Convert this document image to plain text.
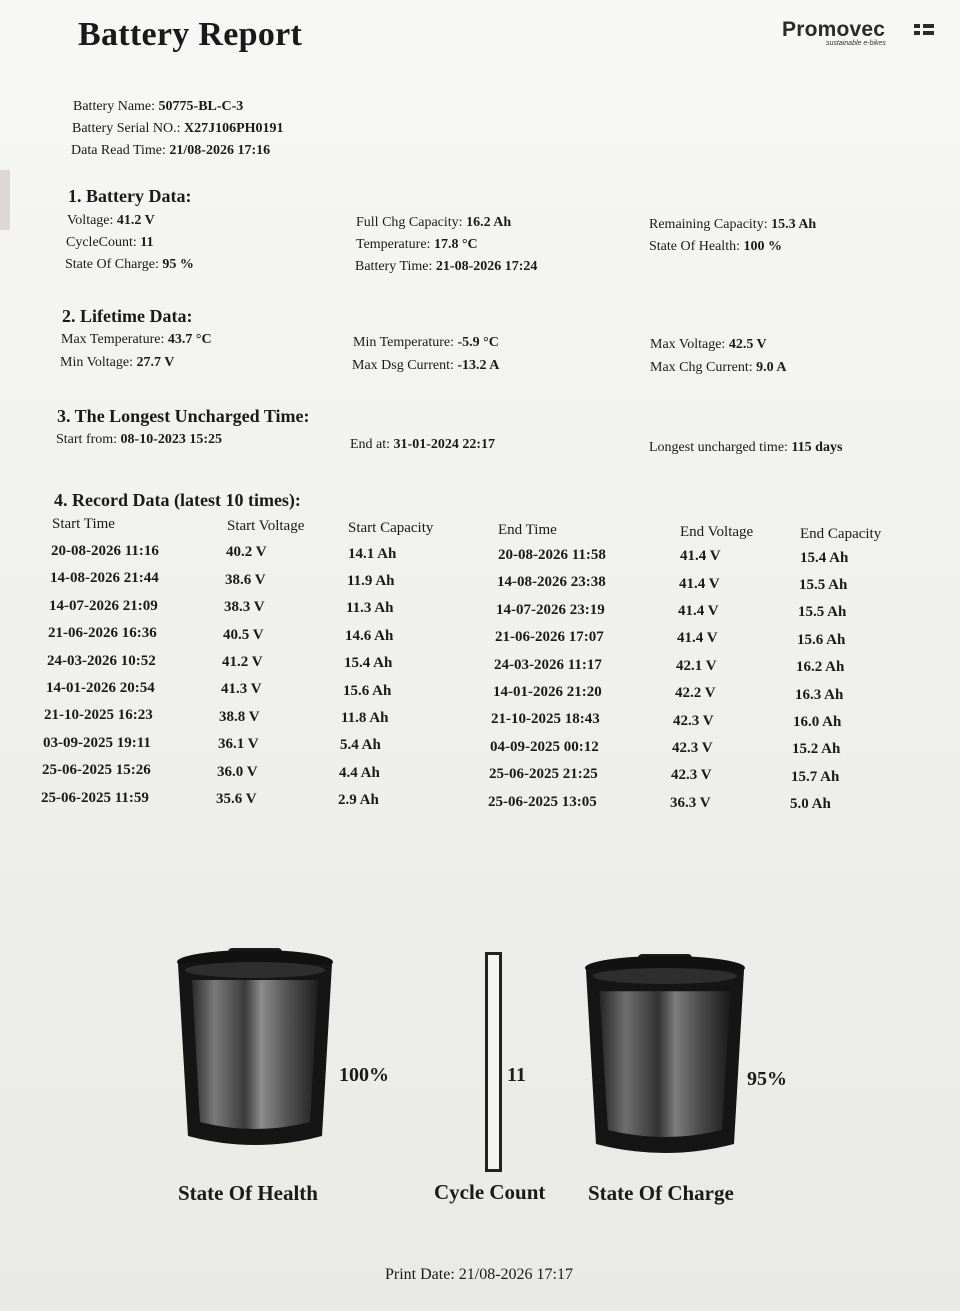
Battery Report	Promovec
sustainable e-bikes
Battery Name: 50775-BL-C-3
Battery Serial NO.: X27J106PH0191
Data Read Time: 21/08-2026 17:16
1. Battery Data:
Voltage: 41.2 V
CycleCount: 11
State Of Charge: 95 %
Full Chg Capacity: 16.2 Ah
Temperature: 17.8 °C
Battery Time: 21-08-2026 17:24
Remaining Capacity: 15.3 Ah
State Of Health: 100 %
2. Lifetime Data:
Max Temperature: 43.7 °C
Min Voltage: 27.7 V
Min Temperature: -5.9 °C
Max Dsg Current: -13.2 A
Max Voltage: 42.5 V
Max Chg Current: 9.0 A
3. The Longest Uncharged Time:
Start from: 08-10-2023 15:25	End at: 31-01-2024 22:17	Longest uncharged time: 115 days
4. Record Data (latest 10 times):
Start Time	Start Voltage	Start Capacity	End Time	End Voltage	End Capacity
20-08-2026 11:16	40.2 V	14.1 Ah	20-08-2026 11:58	41.4 V	15.4 Ah
14-08-2026 21:44	38.6 V	11.9 Ah	14-08-2026 23:38	41.4 V	15.5 Ah
14-07-2026 21:09	38.3 V	11.3 Ah	14-07-2026 23:19	41.4 V	15.5 Ah
21-06-2026 16:36	40.5 V	14.6 Ah	21-06-2026 17:07	41.4 V	15.6 Ah
24-03-2026 10:52	41.2 V	15.4 Ah	24-03-2026 11:17	42.1 V	16.2 Ah
14-01-2026 20:54	41.3 V	15.6 Ah	14-01-2026 21:20	42.2 V	16.3 Ah
21-10-2025 16:23	38.8 V	11.8 Ah	21-10-2025 18:43	42.3 V	16.0 Ah
03-09-2025 19:11	36.1 V	5.4 Ah	04-09-2025 00:12	42.3 V	15.2 Ah
25-06-2025 15:26	36.0 V	4.4 Ah	25-06-2025 21:25	42.3 V	15.7 Ah
25-06-2025 11:59	35.6 V	2.9 Ah	25-06-2025 13:05	36.3 V	5.0 Ah
100%
State Of Health
11
Cycle Count
95%
State Of Charge
Print Date: 21/08-2026 17:17
